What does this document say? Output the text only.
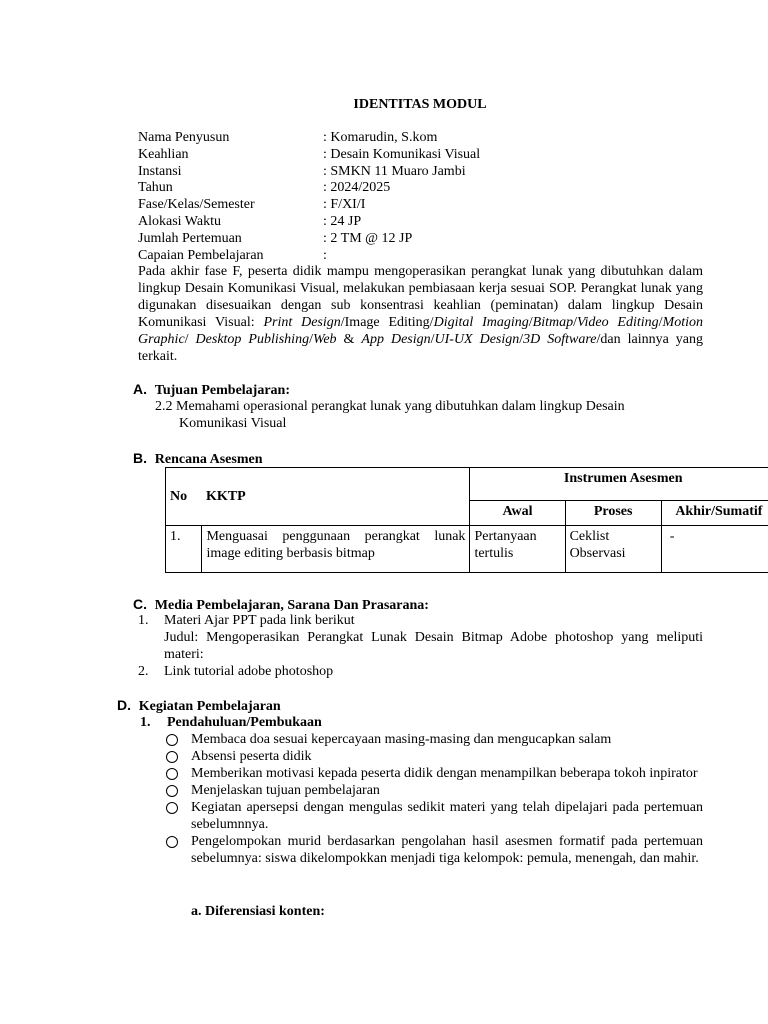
IDENTITAS MODUL
Nama Penyusun	: Komarudin, S.kom
Keahlian	: Desain Komunikasi Visual
Instansi	: SMKN 11 Muaro Jambi
Tahun	: 2024/2025
Fase/Kelas/Semester	: F/XI/I
Alokasi Waktu	: 24 JP
Jumlah Pertemuan	: 2 TM @ 12 JP
Capaian Pembelajaran	:
Pada akhir fase F, peserta didik mampu mengoperasikan perangkat lunak yang dibutuhkan dalam lingkup Desain Komunikasi Visual, melakukan pembiasaan kerja sesuai SOP. Perangkat lunak yang digunakan disesuaikan dengan sub konsentrasi keahlian (peminatan) dalam lingkup Desain Komunikasi Visual: Print Design/Image Editing/Digital Imaging/Bitmap/Video Editing/Motion Graphic/ Desktop Publishing/Web & App Design/UI-UX Design/3D Software/dan lainnya yang terkait.
A. Tujuan Pembelajaran:
2.2 Memahami operasional perangkat lunak yang dibutuhkan dalam lingkup Desain
Komunikasi Visual
B. Rencana Asesmen
No	KKTP	Instrumen Asesmen		
		Awal	Proses	Akhir/Sumatif
1.	Menguasai penggunaan perangkat lunak image editing berbasis bitmap	Pertanyaan tertulis	Ceklist Observasi	-
C. Media Pembelajaran, Sarana Dan Prasarana:
1. Materi Ajar PPT pada link berikut
Judul: Mengoperasikan Perangkat Lunak Desain Bitmap Adobe photoshop yang meliputi materi:
2. Link tutorial adobe photoshop
D. Kegiatan Pembelajaran
1. Pendahuluan/Pembukaan
Membaca doa sesuai kepercayaan masing-masing dan mengucapkan salam
Absensi peserta didik
Memberikan motivasi kepada peserta didik dengan menampilkan beberapa tokoh inpirator
Menjelaskan tujuan pembelajaran
Kegiatan apersepsi dengan mengulas sedikit materi yang telah dipelajari pada pertemuan sebelumnnya.
Pengelompokan murid berdasarkan pengolahan hasil asesmen formatif pada pertemuan sebelumnya: siswa dikelompokkan menjadi tiga kelompok: pemula, menengah, dan mahir.
a. Diferensiasi konten:
